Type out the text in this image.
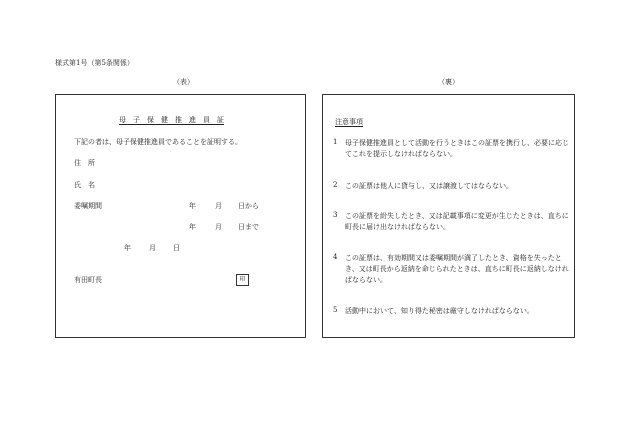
様式第1号（第5条関係）
（表）	（裏）
母　子　保　健　推　進　員　証
下記の者は、母子保健推進員であることを証明する。
住　所
氏　名
委嘱期間	年	月 日から
年	月 日まで
年	月 日
有田町長	印
注意事項
1 母子保健推進員として活動を行うときはこの証票を携行し、必要に応じてこれを提示しなければならない。
2 この証票は他人に貸与し、又は譲渡してはならない。
3 この証票を紛失したとき、又は記載事項に変更が生じたときは、直ちに町長に届け出なければならない。
4 この証票は、有効期間又は委嘱期間が満了したとき、資格を失ったとき、又は町長から返納を命じられたときは、直ちに町長に返納しなければならない。
5 活動中において、知り得た秘密は厳守しなければならない。
